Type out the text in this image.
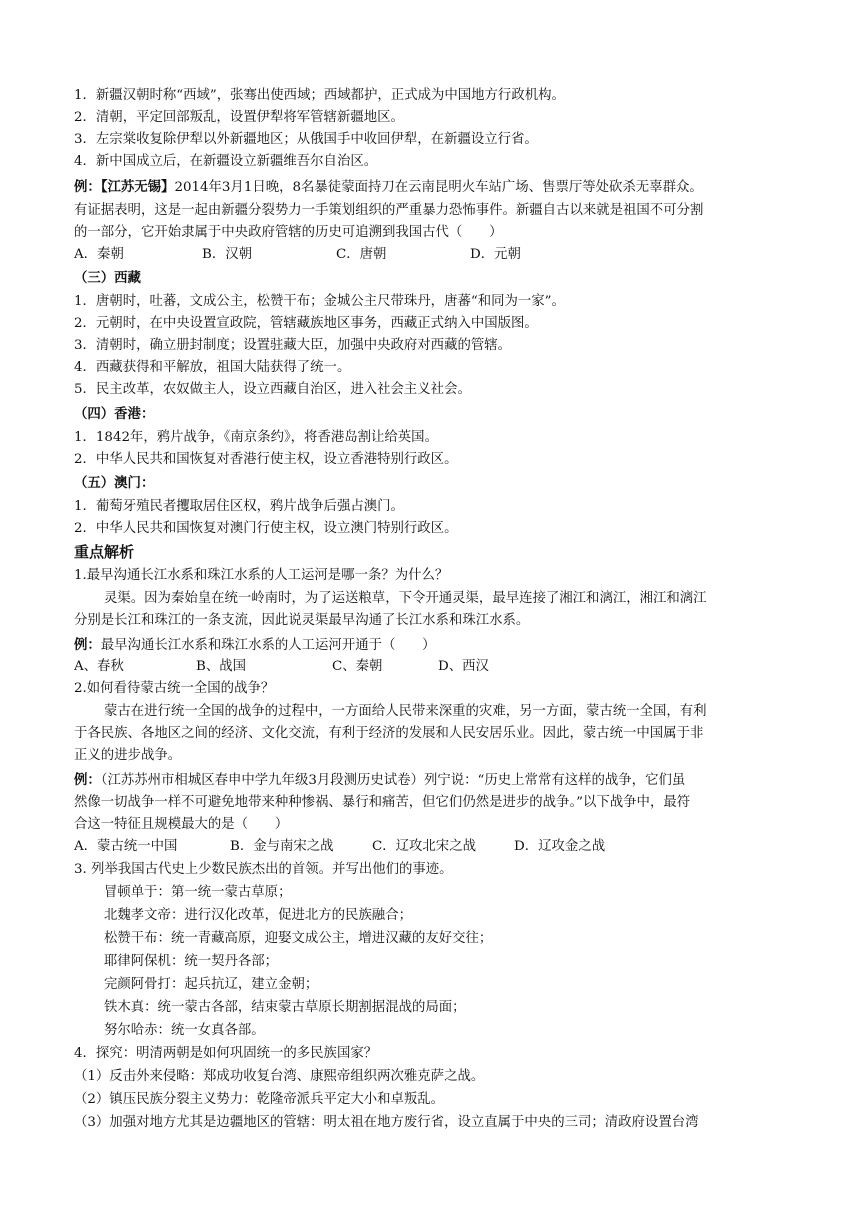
1．新疆汉朝时称“西域”，张骞出使西域；西域都护，正式成为中国地方行政机构。
2．清朝，平定回部叛乱，设置伊犁将军管辖新疆地区。
3．左宗棠收复除伊犁以外新疆地区；从俄国手中收回伊犁，在新疆设立行省。
4．新中国成立后，在新疆设立新疆维吾尔自治区。
例：【江苏无锡】2014年3月1日晚，8名暴徒蒙面持刀在云南昆明火车站广场、售票厅等处砍杀无辜群众。
有证据表明，这是一起由新疆分裂势力一手策划组织的严重暴力恐怖事件。新疆自古以来就是祖国不可分割
的一部分，它开始隶属于中央政府管辖的历史可追溯到我国古代（　　）
A．秦朝	B．汉朝	C．唐朝	D．元朝
（三）西藏
1．唐朝时，吐蕃，文成公主，松赞干布；金城公主尺带珠丹，唐蕃“和同为一家”。
2．元朝时，在中央设置宣政院，管辖藏族地区事务，西藏正式纳入中国版图。
3．清朝时，确立册封制度；设置驻藏大臣，加强中央政府对西藏的管辖。
4．西藏获得和平解放，祖国大陆获得了统一。
5．民主改革，农奴做主人，设立西藏自治区，进入社会主义社会。
（四）香港：
1．1842年，鸦片战争，《南京条约》，将香港岛割让给英国。
2．中华人民共和国恢复对香港行使主权，设立香港特别行政区。
（五）澳门：
1．葡萄牙殖民者攫取居住区权，鸦片战争后强占澳门。
2．中华人民共和国恢复对澳门行使主权，设立澳门特别行政区。
重点解析
1.最早沟通长江水系和珠江水系的人工运河是哪一条？为什么？
灵渠。因为秦始皇在统一岭南时，为了运送粮草，下令开通灵渠，最早连接了湘江和漓江，湘江和漓江
分别是长江和珠江的一条支流，因此说灵渠最早沟通了长江水系和珠江水系。
例：最早沟通长江水系和珠江水系的人工运河开通于（　　）
A、春秋	B、战国	C、秦朝	D、西汉
2.如何看待蒙古统一全国的战争？
蒙古在进行统一全国的战争的过程中，一方面给人民带来深重的灾难，另一方面，蒙古统一全国，有利
于各民族、各地区之间的经济、文化交流，有利于经济的发展和人民安居乐业。因此，蒙古统一中国属于非
正义的进步战争。
例：（江苏苏州市相城区春申中学九年级3月段测历史试卷）列宁说：“历史上常常有这样的战争，它们虽
然像一切战争一样不可避免地带来种种惨祸、暴行和痛苦，但它们仍然是进步的战争。”以下战争中，最符
合这一特征且规模最大的是（　　）
A．蒙古统一中国	B．金与南宋之战	C．辽攻北宋之战	D．辽攻金之战
3. 列举我国古代史上少数民族杰出的首领。并写出他们的事迹。
冒顿单于：第一统一蒙古草原；
北魏孝文帝：进行汉化改革，促进北方的民族融合；
松赞干布：统一青藏高原，迎娶文成公主，增进汉藏的友好交往；
耶律阿保机：统一契丹各部；
完颜阿骨打：起兵抗辽，建立金朝；
铁木真：统一蒙古各部，结束蒙古草原长期割据混战的局面；
努尔哈赤：统一女真各部。
4．探究：明清两朝是如何巩固统一的多民族国家？
（1）反击外来侵略：郑成功收复台湾、康熙帝组织两次雅克萨之战。
（2）镇压民族分裂主义势力：乾隆帝派兵平定大小和卓叛乱。
（3）加强对地方尤其是边疆地区的管辖：明太祖在地方废行省，设立直属于中央的三司；清政府设置台湾
